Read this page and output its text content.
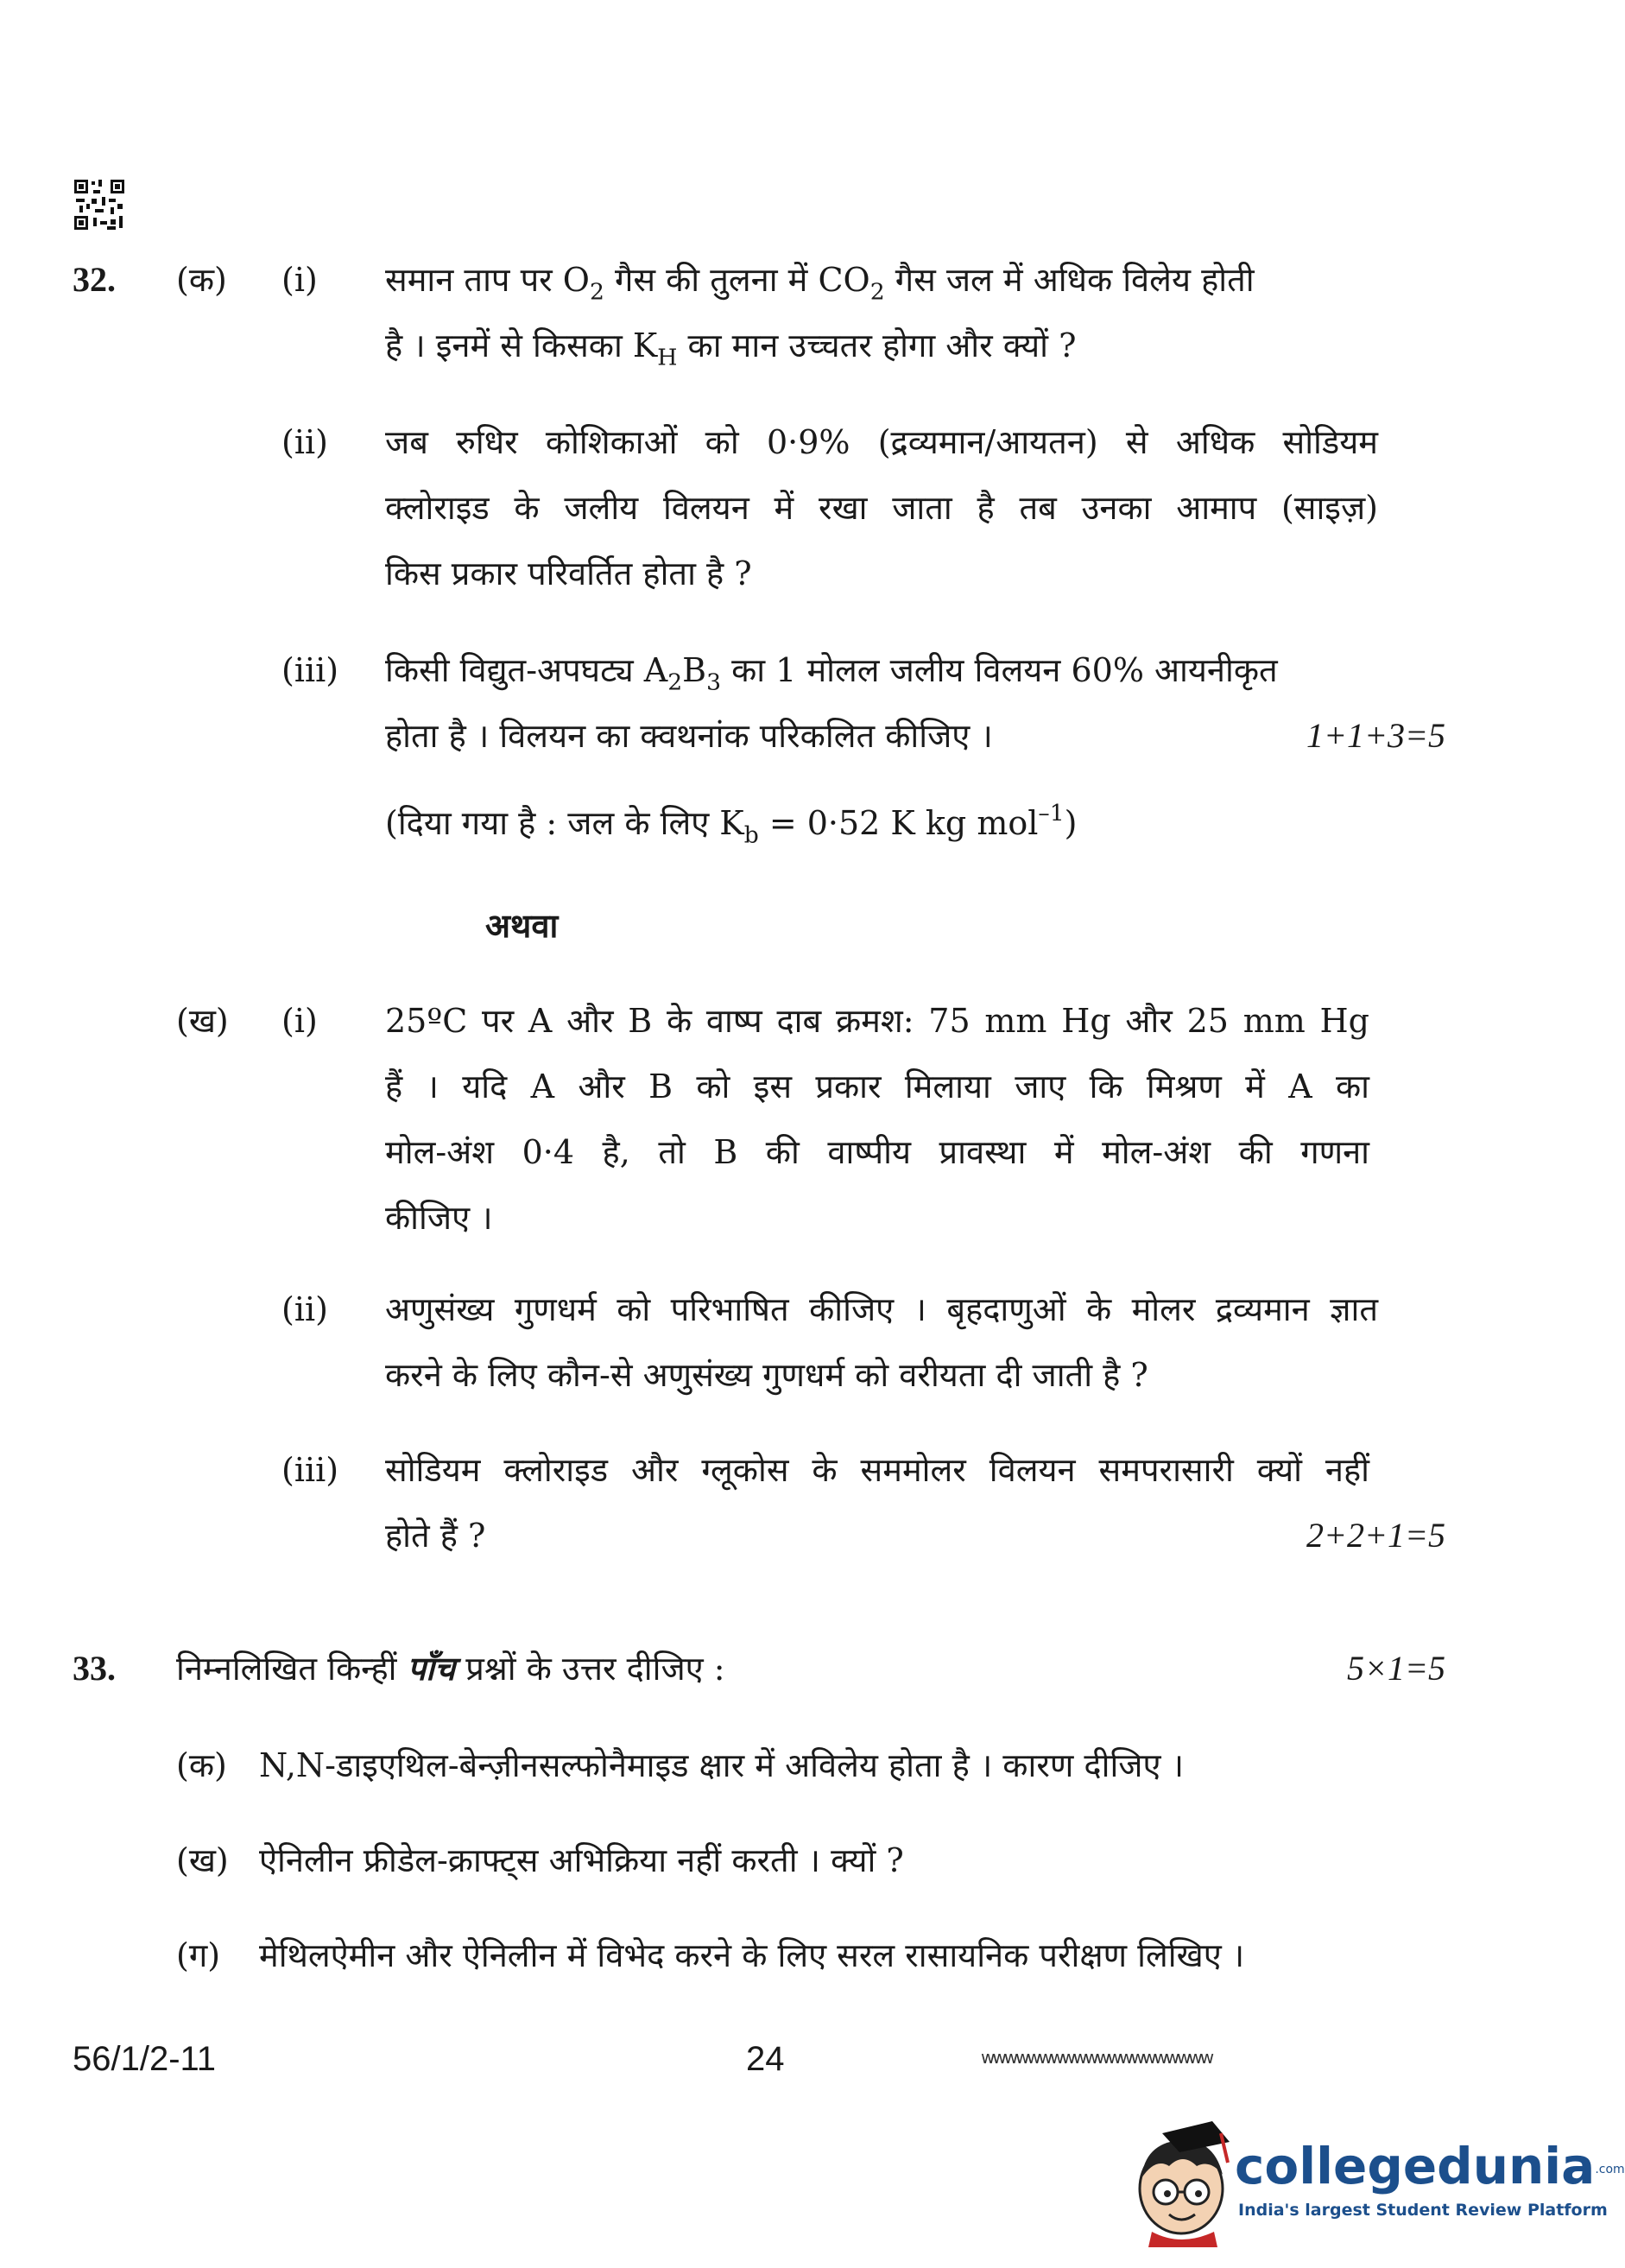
32. (क) (i) समान ताप पर $O_2$ गैस की तुलना में $CO_2$ गैस जल में अधिक विलेय होती
है । इनमें से किसका $K_H$ का मान उच्चतर होगा और क्यों ?
(ii) जब रुधिर कोशिकाओं को 0·9% (द्रव्यमान/आयतन) से अधिक सोडियम
क्लोराइड के जलीय विलयन में रखा जाता है तब उनका आमाप (साइज़)
किस प्रकार परिवर्तित होता है ?
(iii) किसी विद्युत-अपघट्य $A_2B_3$ का 1 मोलल जलीय विलयन 60% आयनीकृत
होता है । विलयन का क्वथनांक परिकलित कीजिए ।	1+1+3=5
(दिया गया है : जल के लिए $K_b = 0\cdot 52$ K kg mol$^{-1}$)
अथवा
(ख) (i) 25ºC पर A और B के वाष्प दाब क्रमश: 75 mm Hg और 25 mm Hg
हैं । यदि A और B को इस प्रकार मिलाया जाए कि मिश्रण में A का
मोल-अंश 0·4 है, तो B की वाष्पीय प्रावस्था में मोल-अंश की गणना
कीजिए ।
(ii) अणुसंख्य गुणधर्म को परिभाषित कीजिए । बृहदाणुओं के मोलर द्रव्यमान ज्ञात
करने के लिए कौन-से अणुसंख्य गुणधर्म को वरीयता दी जाती है ?
(iii) सोडियम क्लोराइड और ग्लूकोस के सममोलर विलयन समपरासारी क्यों नहीं
होते हैं ?	2+2+1=5
33. निम्नलिखित किन्हीं पाँच प्रश्नों के उत्तर दीजिए :	5×1=5
(क) N,N-डाइएथिल-बेन्ज़ीनसल्फोनैमाइड क्षार में अविलेय होता है । कारण दीजिए ।
(ख) ऐनिलीन फ्रीडेल-क्राफ्ट्स अभिक्रिया नहीं करती । क्यों ?
(ग) मेथिलऐमीन और ऐनिलीन में विभेद करने के लिए सरल रासायनिक परीक्षण लिखिए ।
56/1/2-11	24	wwwwwwwwwwwwwwwwwwww
collegedunia.com
India's largest Student Review Platform
